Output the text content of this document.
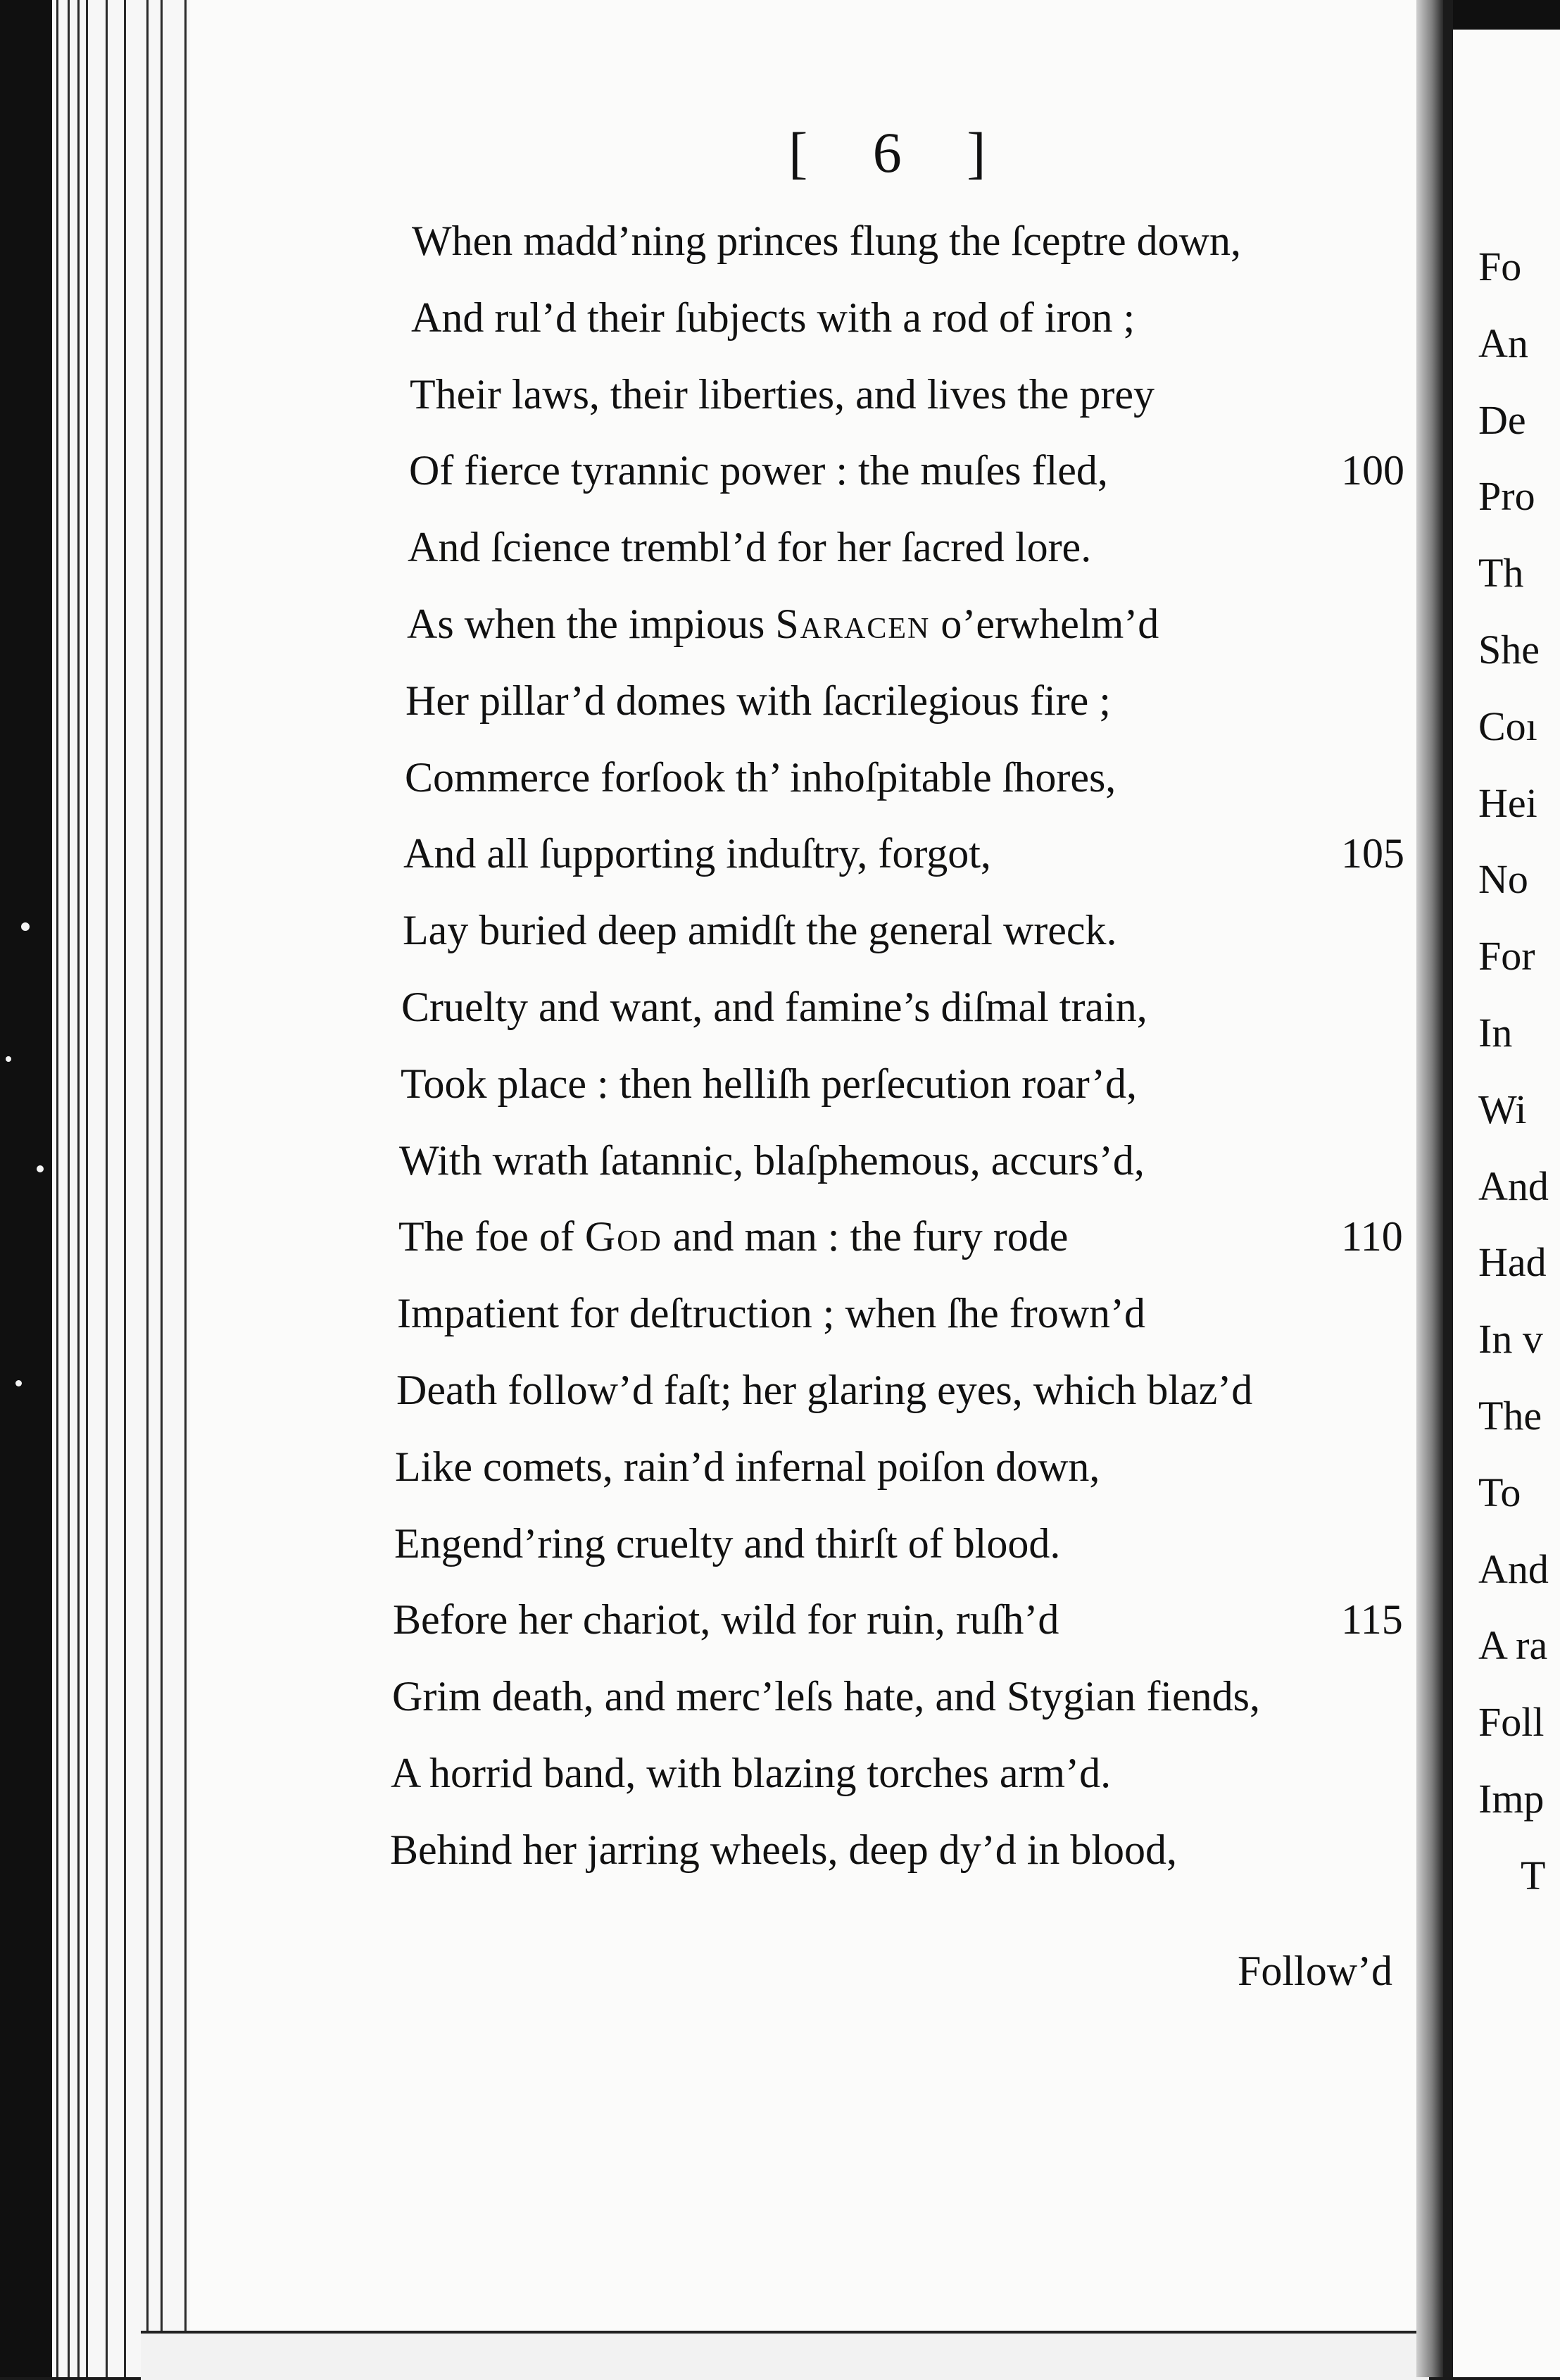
[ 6 ]
When madd’ning princes flung the ſceptre down,
And rul’d their ſubjects with a rod of iron ;
Their laws, their liberties, and lives the prey
Of fierce tyrannic power : the muſes fled,	100
And ſcience trembl’d for her ſacred lore.
As when the impious Saracen o’erwhelm’d
Her pillar’d domes with ſacrilegious fire ;
Commerce forſook th’ inhoſpitable ſhores,
And all ſupporting induſtry, forgot,	105
Lay buried deep amidſt the general wreck.
Cruelty and want, and famine’s diſmal train,
Took place : then helliſh perſecution roar’d,
With wrath ſatannic, blaſphemous, accurs’d,
The foe of God and man : the fury rode	110
Impatient for deſtruction ; when ſhe frown’d
Death follow’d faſt; her glaring eyes, which blaz’d
Like comets, rain’d infernal poiſon down,
Engend’ring cruelty and thirſt of blood.
Before her chariot, wild for ruin, ruſh’d	115
Grim death, and merc’leſs hate, and Stygian fiends,
A horrid band, with blazing torches arm’d.
Behind her jarring wheels, deep dy’d in blood,
Follow’d
Fo
An
De
Pro
Th
She
Coı
Hei
No
For
In
Wi
And
Had
In v
The
To
And
A ra
Foll
Imp
T
